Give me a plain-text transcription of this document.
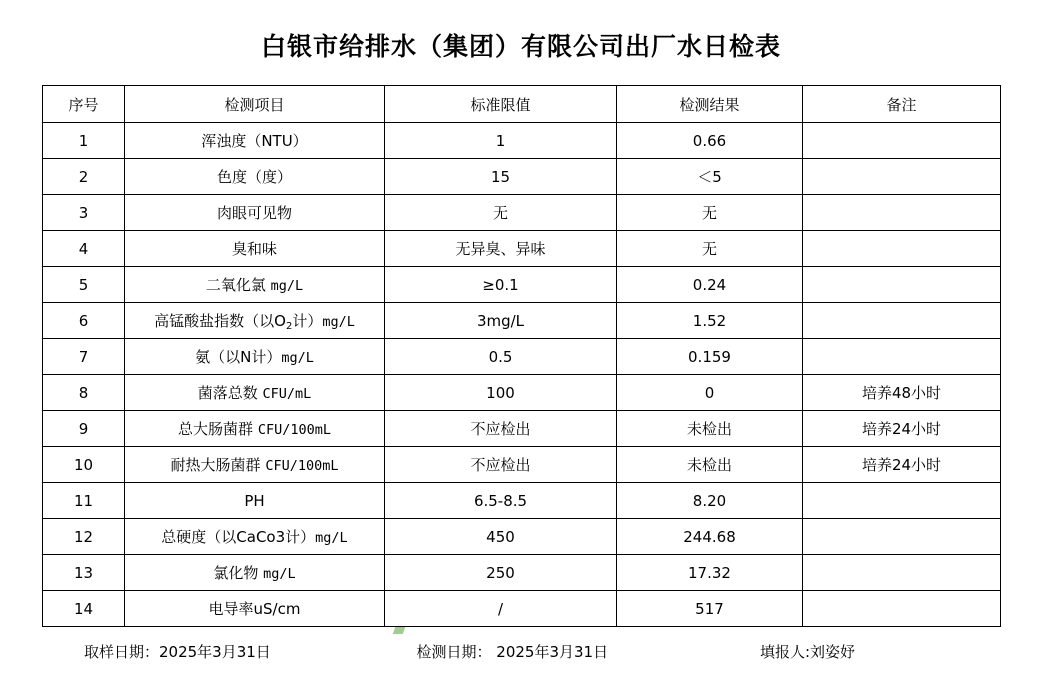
白银市给排水（集团）有限公司出厂水日检表
序号	检测项目	标准限值	检测结果	备注
1	浑浊度（NTU）	1	0.66	
2	色度（度）	15	＜5	
3	肉眼可见物	无	无	
4	臭和味	无异臭、异味	无	
5	二氧化氯 mg/L	≥0.1	0.24	
6	高锰酸盐指数（以$O_2$计）mg/L	3mg/L	1.52	
7	氨（以N计）mg/L	0.5	0.159	
8	菌落总数 CFU/mL	100	0	培养48小时
9	总大肠菌群 CFU/100mL	不应检出	未检出	培养24小时
10	耐热大肠菌群 CFU/100mL	不应检出	未检出	培养24小时
11	PH	6.5-8.5	8.20	
12	总硬度（以CaCo3计）mg/L	450	244.68	
13	氯化物 mg/L	250	17.32	
14	电导率uS/cm	/	517	
取样日期：2025年3月31日	检测日期： 2025年3月31日	填报人:刘姿妤
